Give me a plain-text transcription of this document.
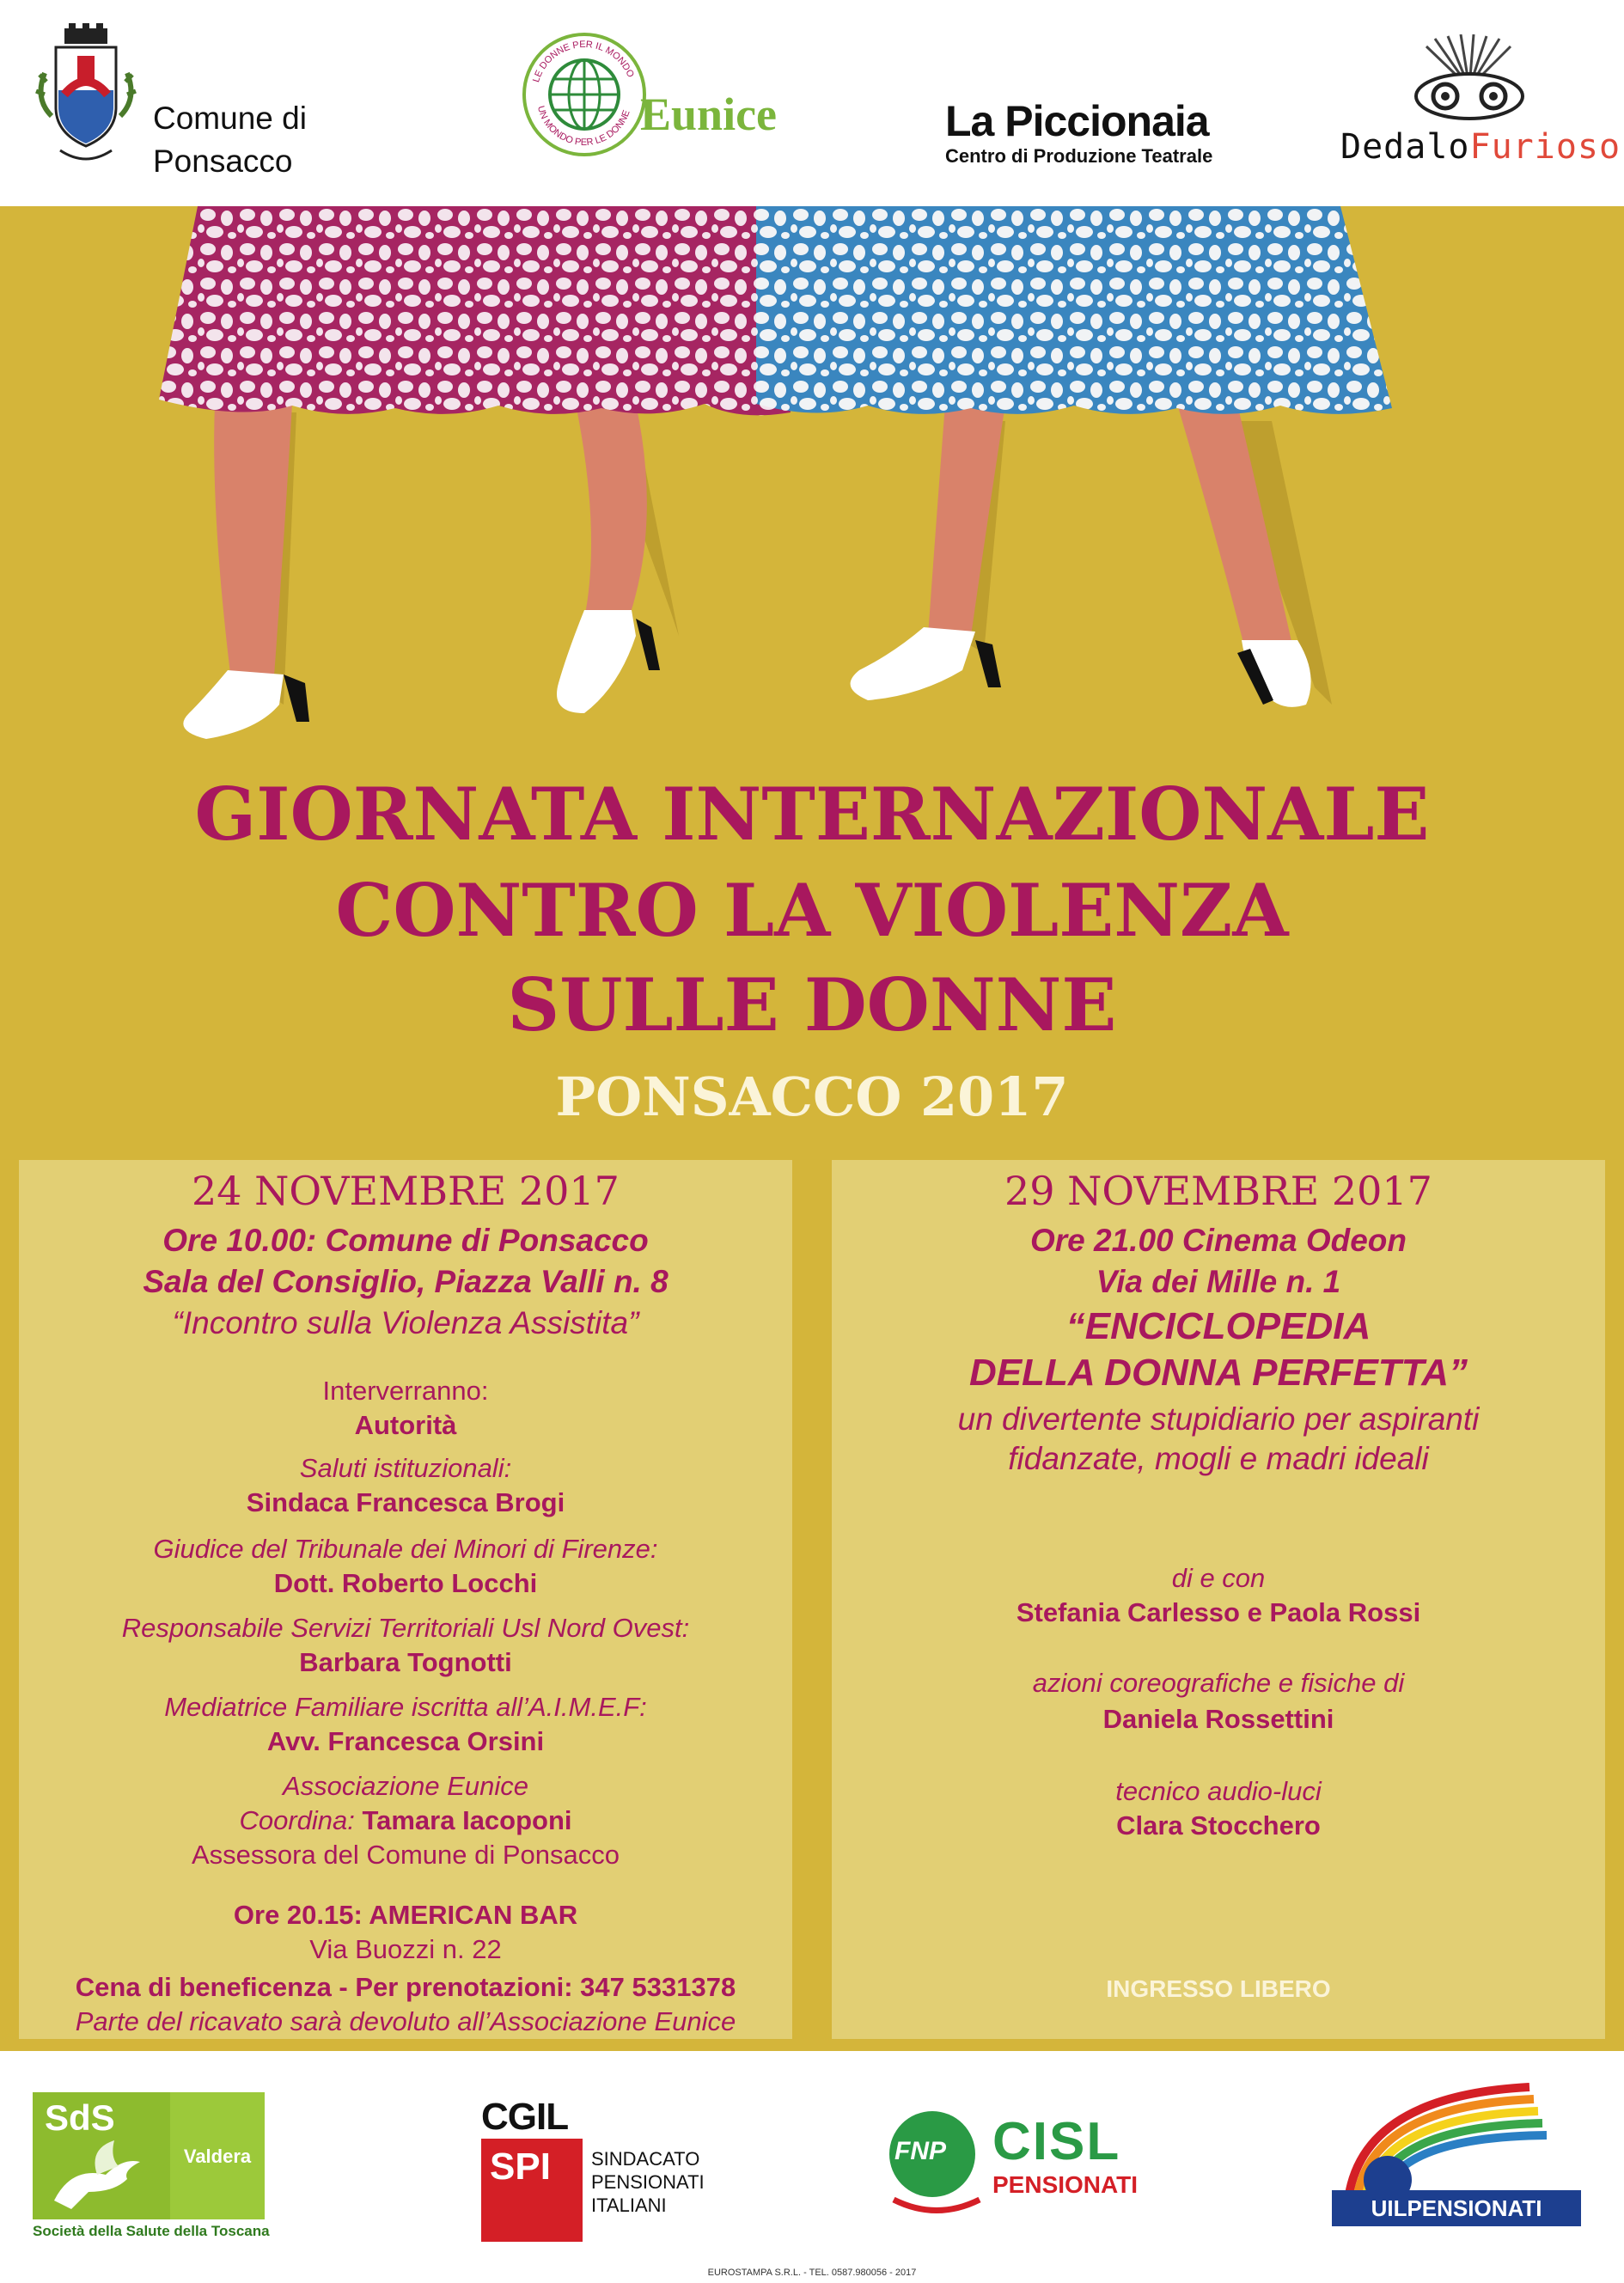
Comune di
Ponsacco
LE DONNE PER IL MONDO
UN MONDO PER LE DONNE Eunice	La Piccionaia
Centro di Produzione Teatrale	DedaloFurioso
GIORNATA INTERNAZIONALE
CONTRO LA VIOLENZA
SULLE DONNE
PONSACCO 2017
24 NOVEMBRE 2017
Ore 10.00: Comune di Ponsacco
Sala del Consiglio, Piazza Valli n. 8
“Incontro sulla Violenza Assistita”
Interverranno:
Autorità
Saluti istituzionali:
Sindaca Francesca Brogi
Giudice del Tribunale dei Minori di Firenze:
Dott. Roberto Locchi
Responsabile Servizi Territoriali Usl Nord Ovest:
Barbara Tognotti
Mediatrice Familiare iscritta all’A.I.M.E.F:
Avv. Francesca Orsini
Associazione Eunice
Coordina: Tamara Iacoponi
Assessora del Comune di Ponsacco
Ore 20.15: AMERICAN BAR
Via Buozzi n. 22
Cena di beneficenza - Per prenotazioni: 347 5331378
Parte del ricavato sarà devoluto all’Associazione Eunice
29 NOVEMBRE 2017
Ore 21.00 Cinema Odeon
Via dei Mille n. 1
“ENCICLOPEDIA
DELLA DONNA PERFETTA”
un divertente stupidiario per aspiranti
fidanzate, mogli e madri ideali
di e con
Stefania Carlesso e Paola Rossi
azioni coreografiche e fisiche di
Daniela Rossettini
tecnico audio-luci
Clara Stocchero
INGRESSO LIBERO
SdS
Valdera
Società della Salute della Toscana
CGIL
SPI SINDACATO
PENSIONATI
ITALIANI
FNP CISL
PENSIONATI
UILPENSIONATI
EUROSTAMPA S.R.L. - TEL. 0587.980056 - 2017
